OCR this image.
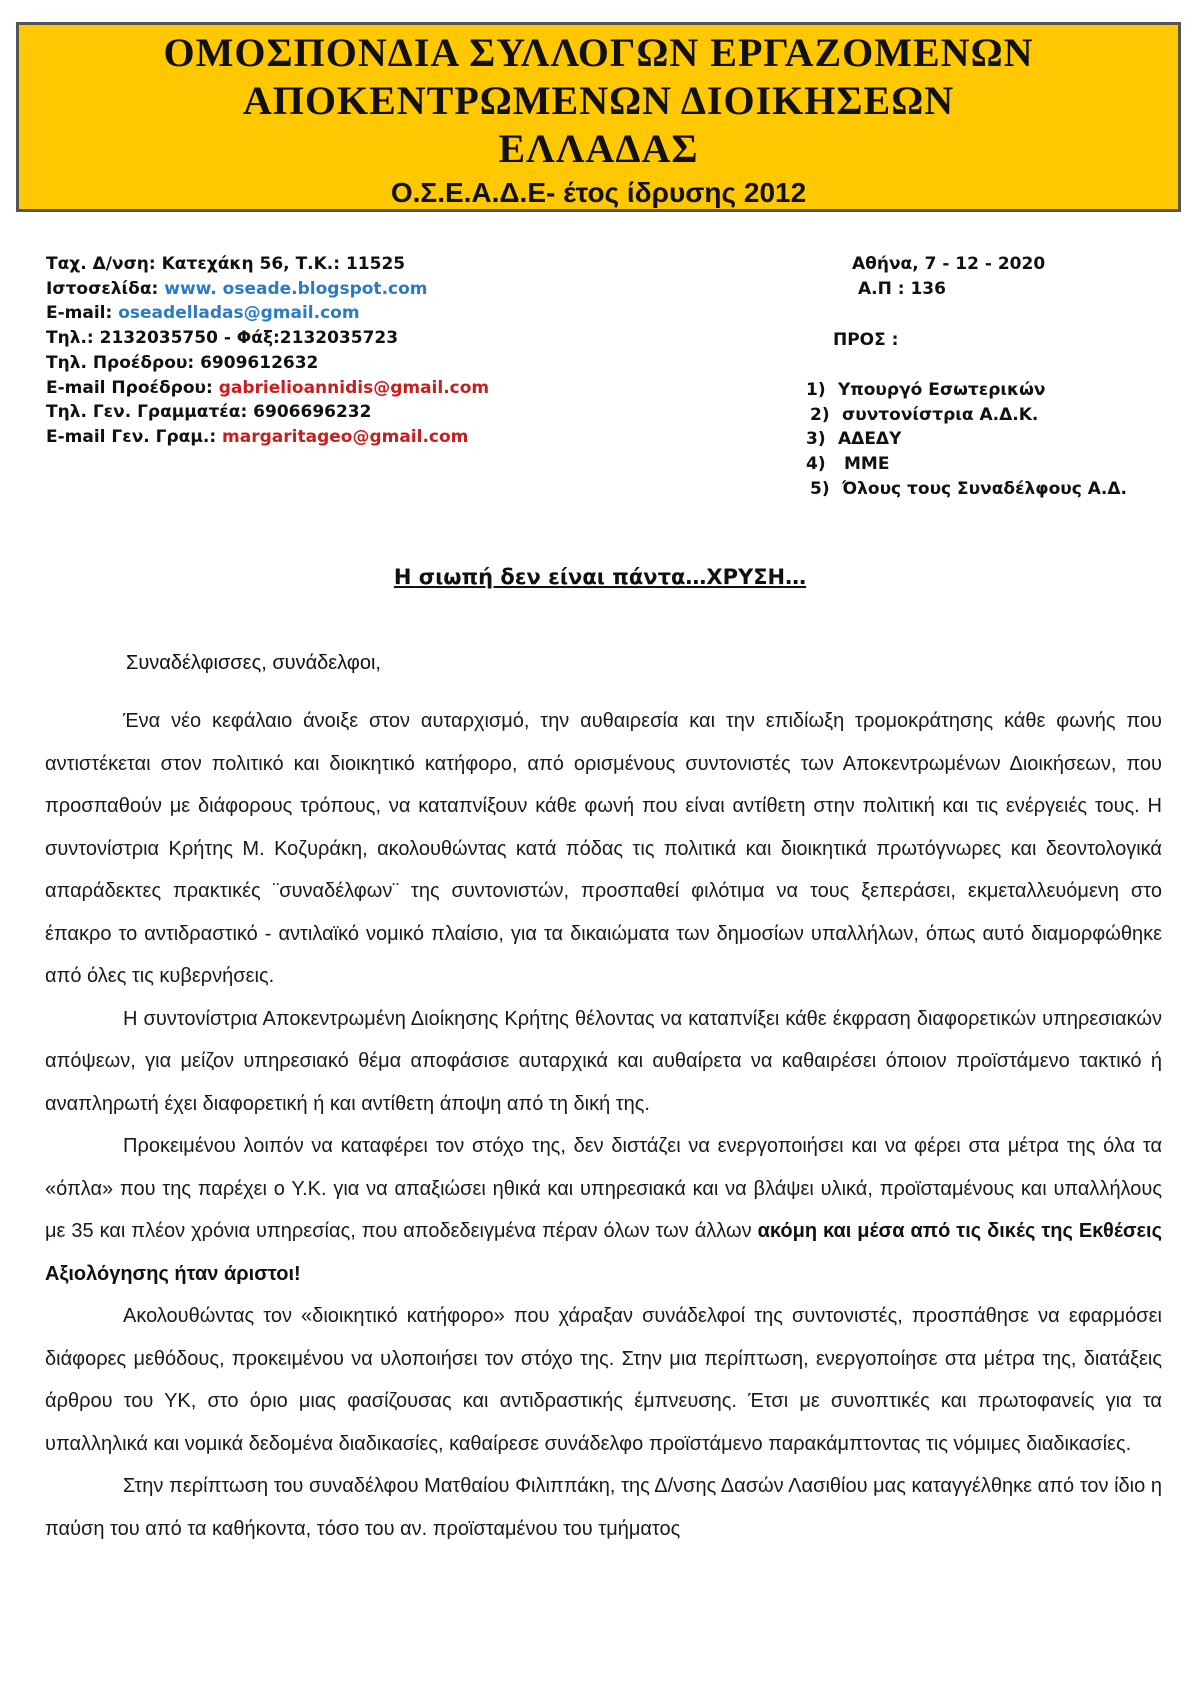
ΟΜΟΣΠΟΝΔΙΑ ΣΥΛΛΟΓΩΝ ΕΡΓΑΖΟΜΕΝΩΝ
ΑΠΟΚΕΝΤΡΩΜΕΝΩΝ ΔΙΟΙΚΗΣΕΩΝ
ΕΛΛΑΔΑΣ
Ο.Σ.Ε.Α.Δ.Ε- έτος ίδρυσης 2012
Ταχ. Δ/νση: Κατεχάκη 56, Τ.Κ.: 11525
Ιστοσελίδα: www. oseade.blogspot.com
E-mail: oseadelladas@gmail.com
Τηλ.: 2132035750 - Φάξ:2132035723
Τηλ. Προέδρου: 6909612632
E-mail Προέδρου: gabrielioannidis@gmail.com
Τηλ. Γεν. Γραμματέα: 6906696232
E-mail Γεν. Γραμ.: margaritageo@gmail.com
Αθήνα, 7 - 12 - 2020
Α.Π : 136
ΠΡΟΣ :
1) Υπουργό Εσωτερικών
2) συντονίστρια Α.Δ.Κ.
3) ΑΔΕΔΥ
4) ΜΜΕ
5) Όλους τους Συναδέλφους Α.Δ.
Η σιωπή δεν είναι πάντα…ΧΡΥΣΗ…
Συναδέλφισσες, συνάδελφοι,

Ένα νέο κεφάλαιο άνοιξε στον αυταρχισμό, την αυθαιρεσία και την επιδίωξη τρομοκράτησης κάθε φωνής που αντιστέκεται στον πολιτικό και διοικητικό κατήφορο, από ορισμένους συντονιστές των Αποκεντρωμένων Διοικήσεων, που προσπαθούν με διάφορους τρόπους, να καταπνίξουν κάθε φωνή που είναι αντίθετη στην πολιτική και τις ενέργειές τους. Η συντονίστρια Κρήτης Μ. Κοζυράκη, ακολουθώντας κατά πόδας τις πολιτικά και διοικητικά πρωτόγνωρες και δεοντολογικά απαράδεκτες πρακτικές ¨συναδέλφων¨ της συντονιστών, προσπαθεί φιλότιμα να τους ξεπεράσει, εκμεταλλευόμενη στο έπακρο το αντιδραστικό - αντιλαϊκό νομικό πλαίσιο, για τα δικαιώματα των δημοσίων υπαλλήλων, όπως αυτό διαμορφώθηκε από όλες τις κυβερνήσεις.

Η συντονίστρια Αποκεντρωμένη Διοίκησης Κρήτης θέλοντας να καταπνίξει κάθε έκφραση διαφορετικών υπηρεσιακών απόψεων, για μείζον υπηρεσιακό θέμα αποφάσισε αυταρχικά και αυθαίρετα να καθαιρέσει όποιον προϊστάμενο τακτικό ή αναπληρωτή έχει διαφορετική ή και αντίθετη άποψη από τη δική της.

Προκειμένου λοιπόν να καταφέρει τον στόχο της, δεν διστάζει να ενεργοποιήσει και να φέρει στα μέτρα της όλα τα «όπλα» που της παρέχει ο Υ.Κ. για να απαξιώσει ηθικά και υπηρεσιακά και να βλάψει υλικά, προϊσταμένους και υπαλλήλους με 35 και πλέον χρόνια υπηρεσίας, που αποδεδειγμένα πέραν όλων των άλλων ακόμη και μέσα από τις δικές της Εκθέσεις Αξιολόγησης ήταν άριστοι!

Ακολουθώντας τον «διοικητικό κατήφορο» που χάραξαν συνάδελφοί της συντονιστές, προσπάθησε να εφαρμόσει διάφορες μεθόδους, προκειμένου να υλοποιήσει τον στόχο της. Στην μια περίπτωση, ενεργοποίησε στα μέτρα της, διατάξεις άρθρου του ΥΚ, στο όριο μιας φασίζουσας και αντιδραστικής έμπνευσης. Έτσι με συνοπτικές και πρωτοφανείς για τα υπαλληλικά και νομικά δεδομένα διαδικασίες, καθαίρεσε συνάδελφο προϊστάμενο παρακάμπτοντας τις νόμιμες διαδικασίες.

Στην περίπτωση του συναδέλφου Ματθαίου Φιλιππάκη, της Δ/νσης Δασών Λασιθίου μας καταγγέλθηκε από τον ίδιο η παύση του από τα καθήκοντα, τόσο του αν. προϊσταμένου του τμήματος
